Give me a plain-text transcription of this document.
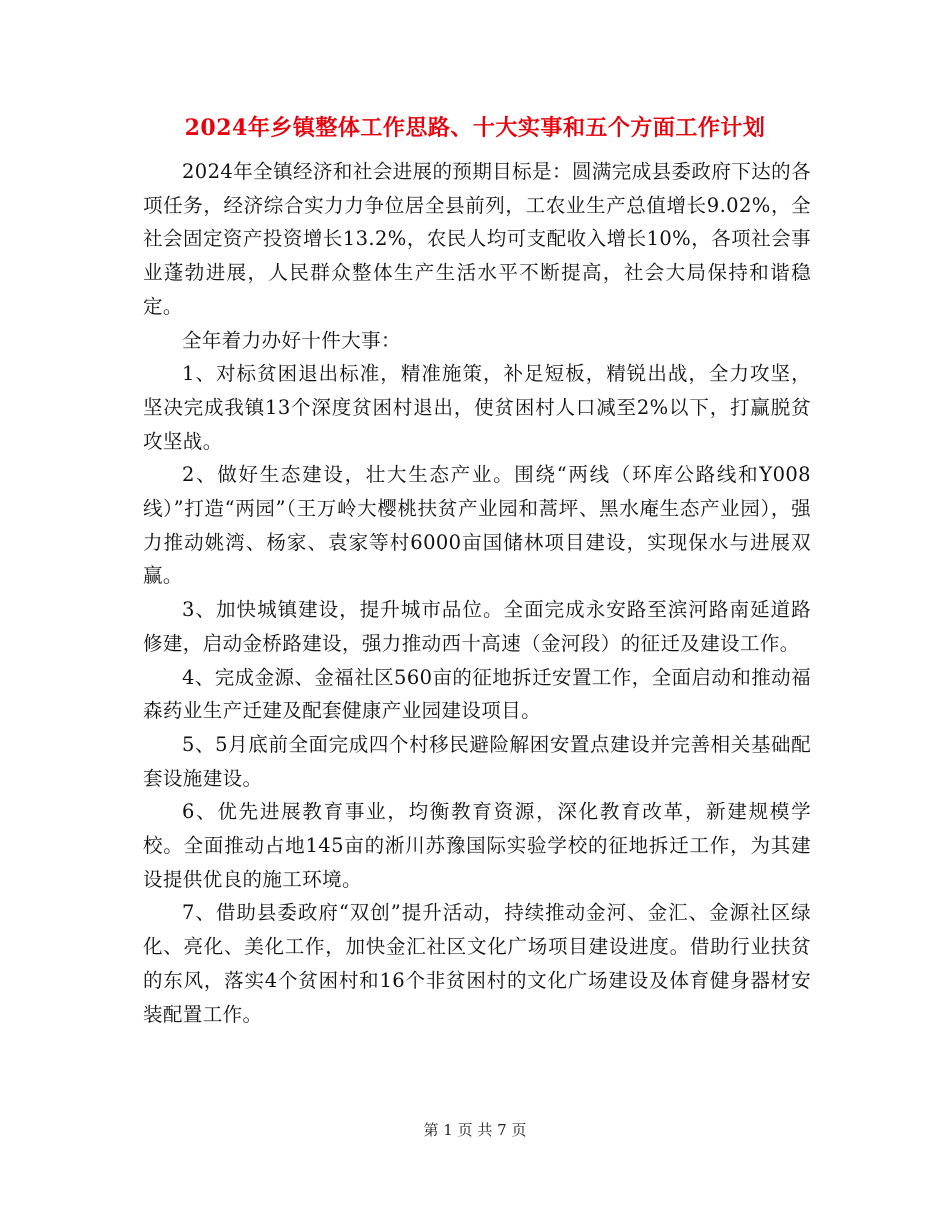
2024年乡镇整体工作思路、十大实事和五个方面工作计划

2024年全镇经济和社会进展的预期目标是：圆满完成县委政府下达的各项任务，经济综合实力力争位居全县前列，工农业生产总值增长9.02%，全社会固定资产投资增长13.2%，农民人均可支配收入增长10%，各项社会事业蓬勃进展，人民群众整体生产生活水平不断提高，社会大局保持和谐稳定。

全年着力办好十件大事：

1、对标贫困退出标准，精准施策，补足短板，精锐出战，全力攻坚，坚决完成我镇13个深度贫困村退出，使贫困村人口减至2%以下，打赢脱贫攻坚战。

2、做好生态建设，壮大生态产业。围绕“两线（环库公路线和Y008线）”打造“两园”（王万岭大樱桃扶贫产业园和蒿坪、黑水庵生态产业园），强力推动姚湾、杨家、袁家等村6000亩国储林项目建设，实现保水与进展双赢。

3、加快城镇建设，提升城市品位。全面完成永安路至滨河路南延道路修建，启动金桥路建设，强力推动西十高速（金河段）的征迁及建设工作。

4、完成金源、金福社区560亩的征地拆迁安置工作，全面启动和推动福森药业生产迁建及配套健康产业园建设项目。

5、5月底前全面完成四个村移民避险解困安置点建设并完善相关基础配套设施建设。

6、优先进展教育事业，均衡教育资源，深化教育改革，新建规模学校。全面推动占地145亩的淅川苏豫国际实验学校的征地拆迁工作，为其建设提供优良的施工环境。

7、借助县委政府“双创”提升活动，持续推动金河、金汇、金源社区绿化、亮化、美化工作，加快金汇社区文化广场项目建设进度。借助行业扶贫的东风，落实4个贫困村和16个非贫困村的文化广场建设及体育健身器材安装配置工作。

第 1 页 共 7 页
